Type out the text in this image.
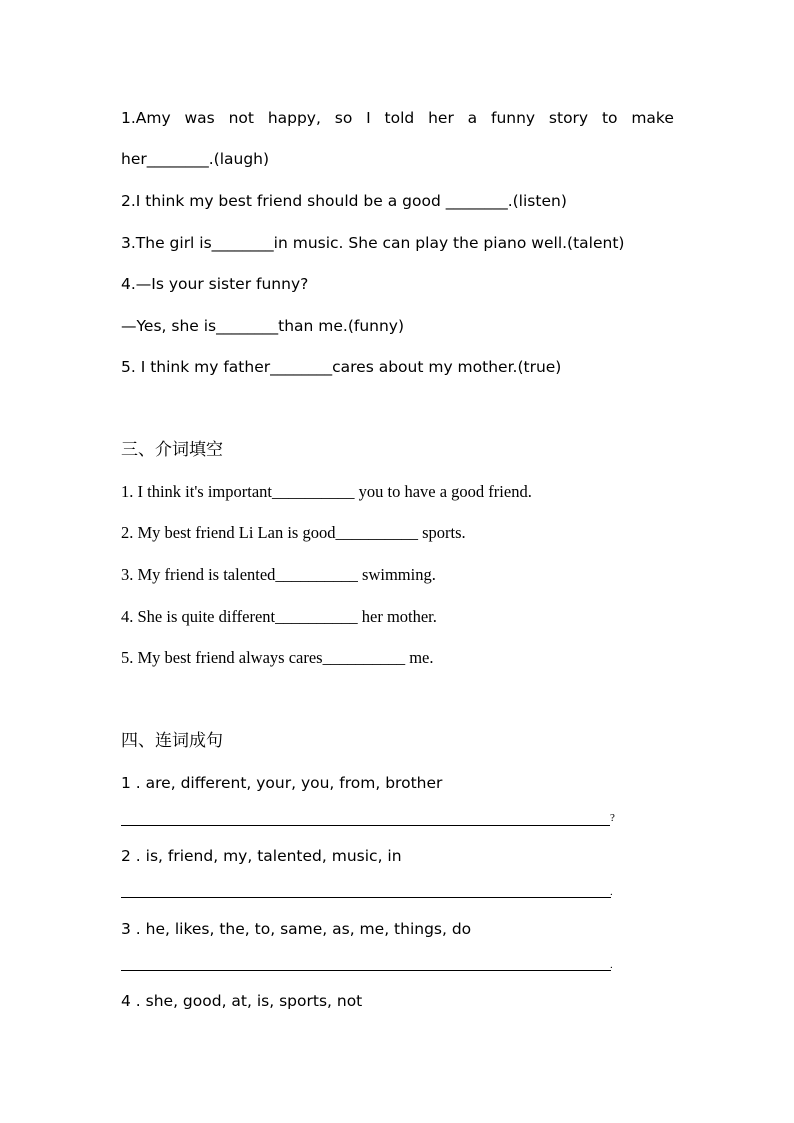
1.Amy was not happy, so I told her a funny story to make
her________.(laugh)
2.I think my best friend should be a good ________.(listen)
3.The girl is________in music. She can play the piano well.(talent)
4.—Is your sister funny?
—Yes, she is________than me.(funny)
5. I think my father________cares about my mother.(true)
三、介词填空
1. I think it's important__________ you to have a good friend.
2. My best friend Li Lan is good__________ sports.
3. My friend is talented__________ swimming.
4. She is quite different__________ her mother.
5. My best friend always cares__________ me.
四、连词成句
1 . are, different, your, you, from, brother
?
2 . is, friend, my, talented, music, in
.
3 . he, likes, the, to, same, as, me, things, do
.
4 . she, good, at, is, sports, not
